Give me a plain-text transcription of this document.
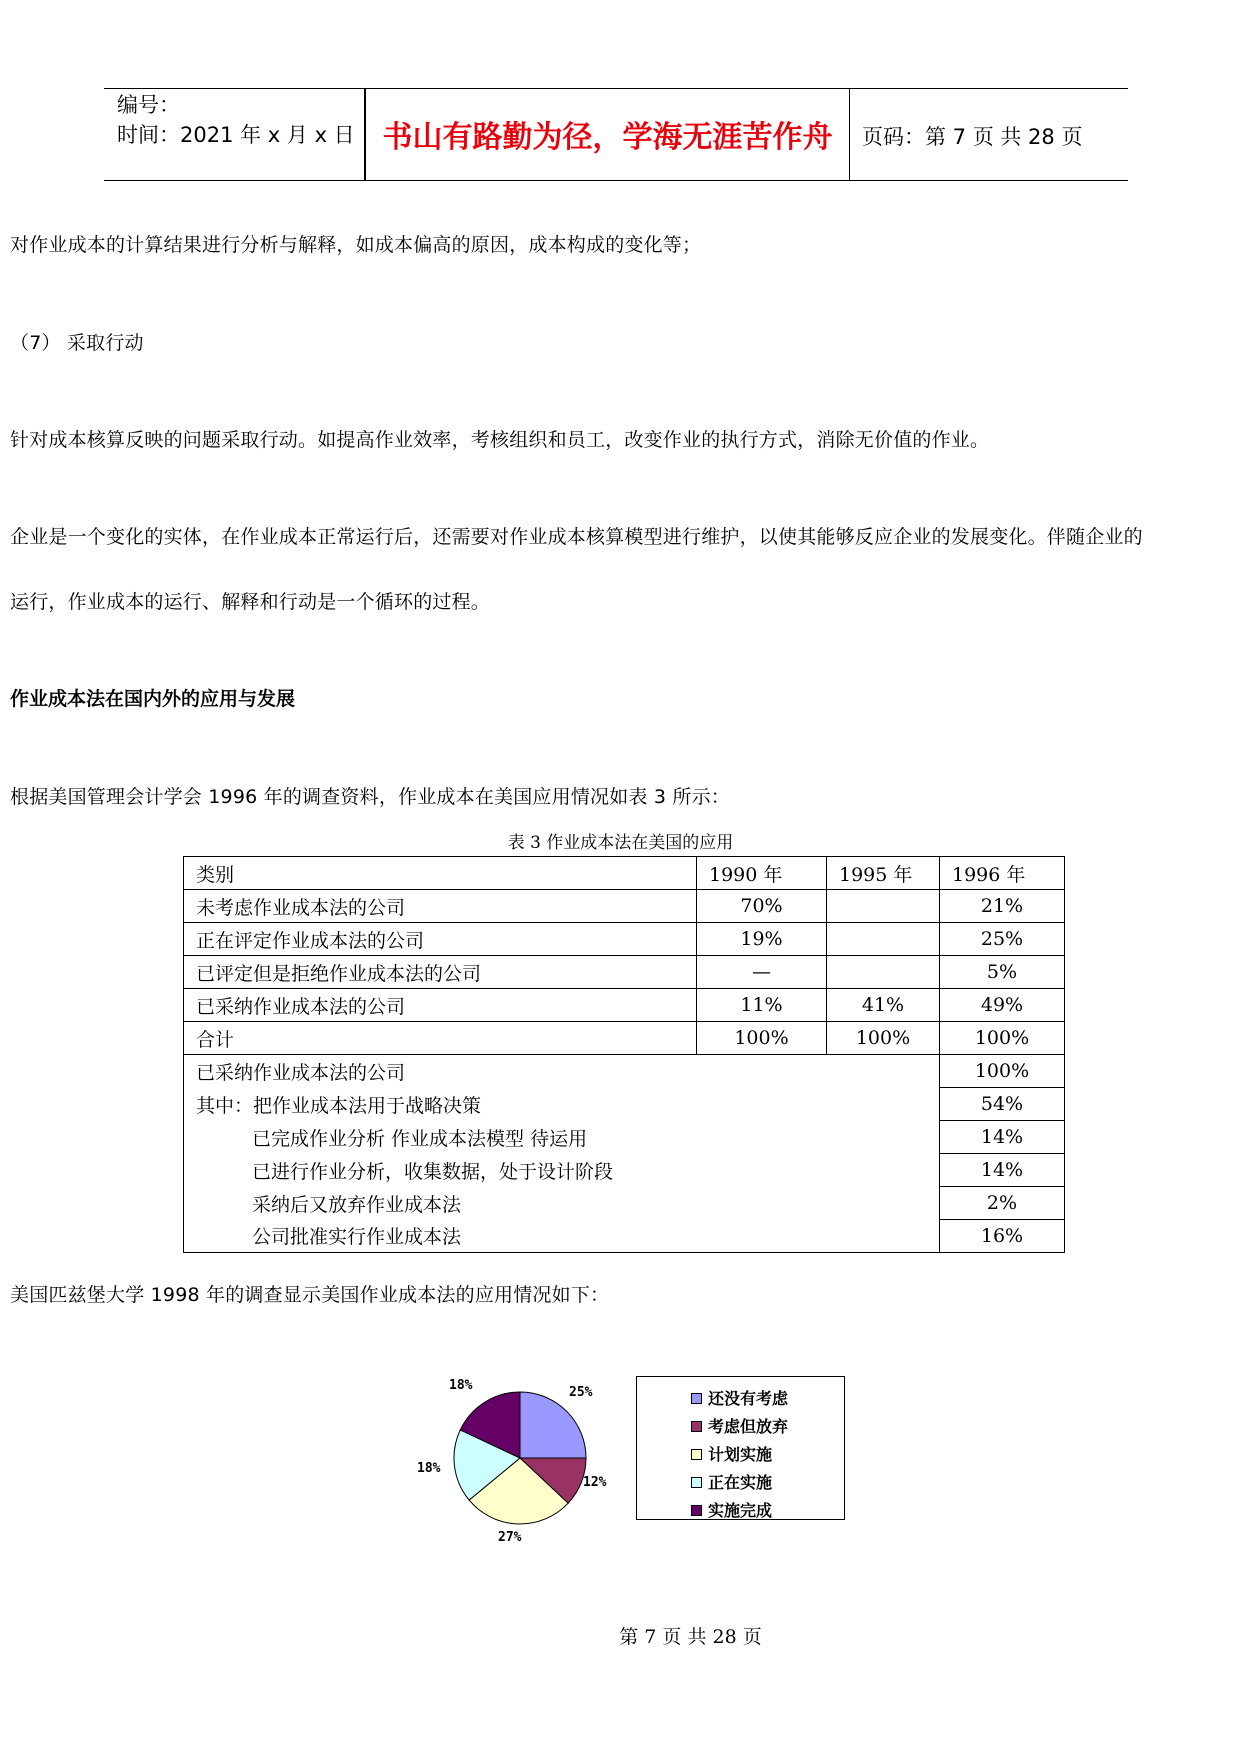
编号：
时间：2021 年 x 月 x 日 书山有路勤为径，学海无涯苦作舟	页码：第 7 页 共 28 页
对作业成本的计算结果进行分析与解释，如成本偏高的原因，成本构成的变化等；
（7） 采取行动
针对成本核算反映的问题采取行动。如提高作业效率，考核组织和员工，改变作业的执行方式，消除无价值的作业。
企业是一个变化的实体，在作业成本正常运行后，还需要对作业成本核算模型进行维护，以使其能够反应企业的发展变化。伴随企业的
运行，作业成本的运行、解释和行动是一个循环的过程。
作业成本法在国内外的应用与发展
根据美国管理会计学会 1996 年的调查资料，作业成本在美国应用情况如表 3 所示：
表 3 作业成本法在美国的应用
类别	1990 年	1995 年	1996 年
未考虑作业成本法的公司	70%		21%
正在评定作业成本法的公司	19%		25%
已评定但是拒绝作业成本法的公司	—		5%
已采纳作业成本法的公司	11%	41%	49%
合计	100%	100%	100%
已采纳作业成本法的公司			100%
其中：把作业成本法用于战略决策			54%
已完成作业分析 作业成本法模型 待运用			14%
已进行作业分析，收集数据，处于设计阶段			14%
采纳后又放弃作业成本法			2%
公司批准实行作业成本法			16%
美国匹兹堡大学 1998 年的调查显示美国作业成本法的应用情况如下：
25%
12%
27%
18%
18%
还没有考虑
考虑但放弃
计划实施
正在实施
实施完成
第 7 页 共 28 页
